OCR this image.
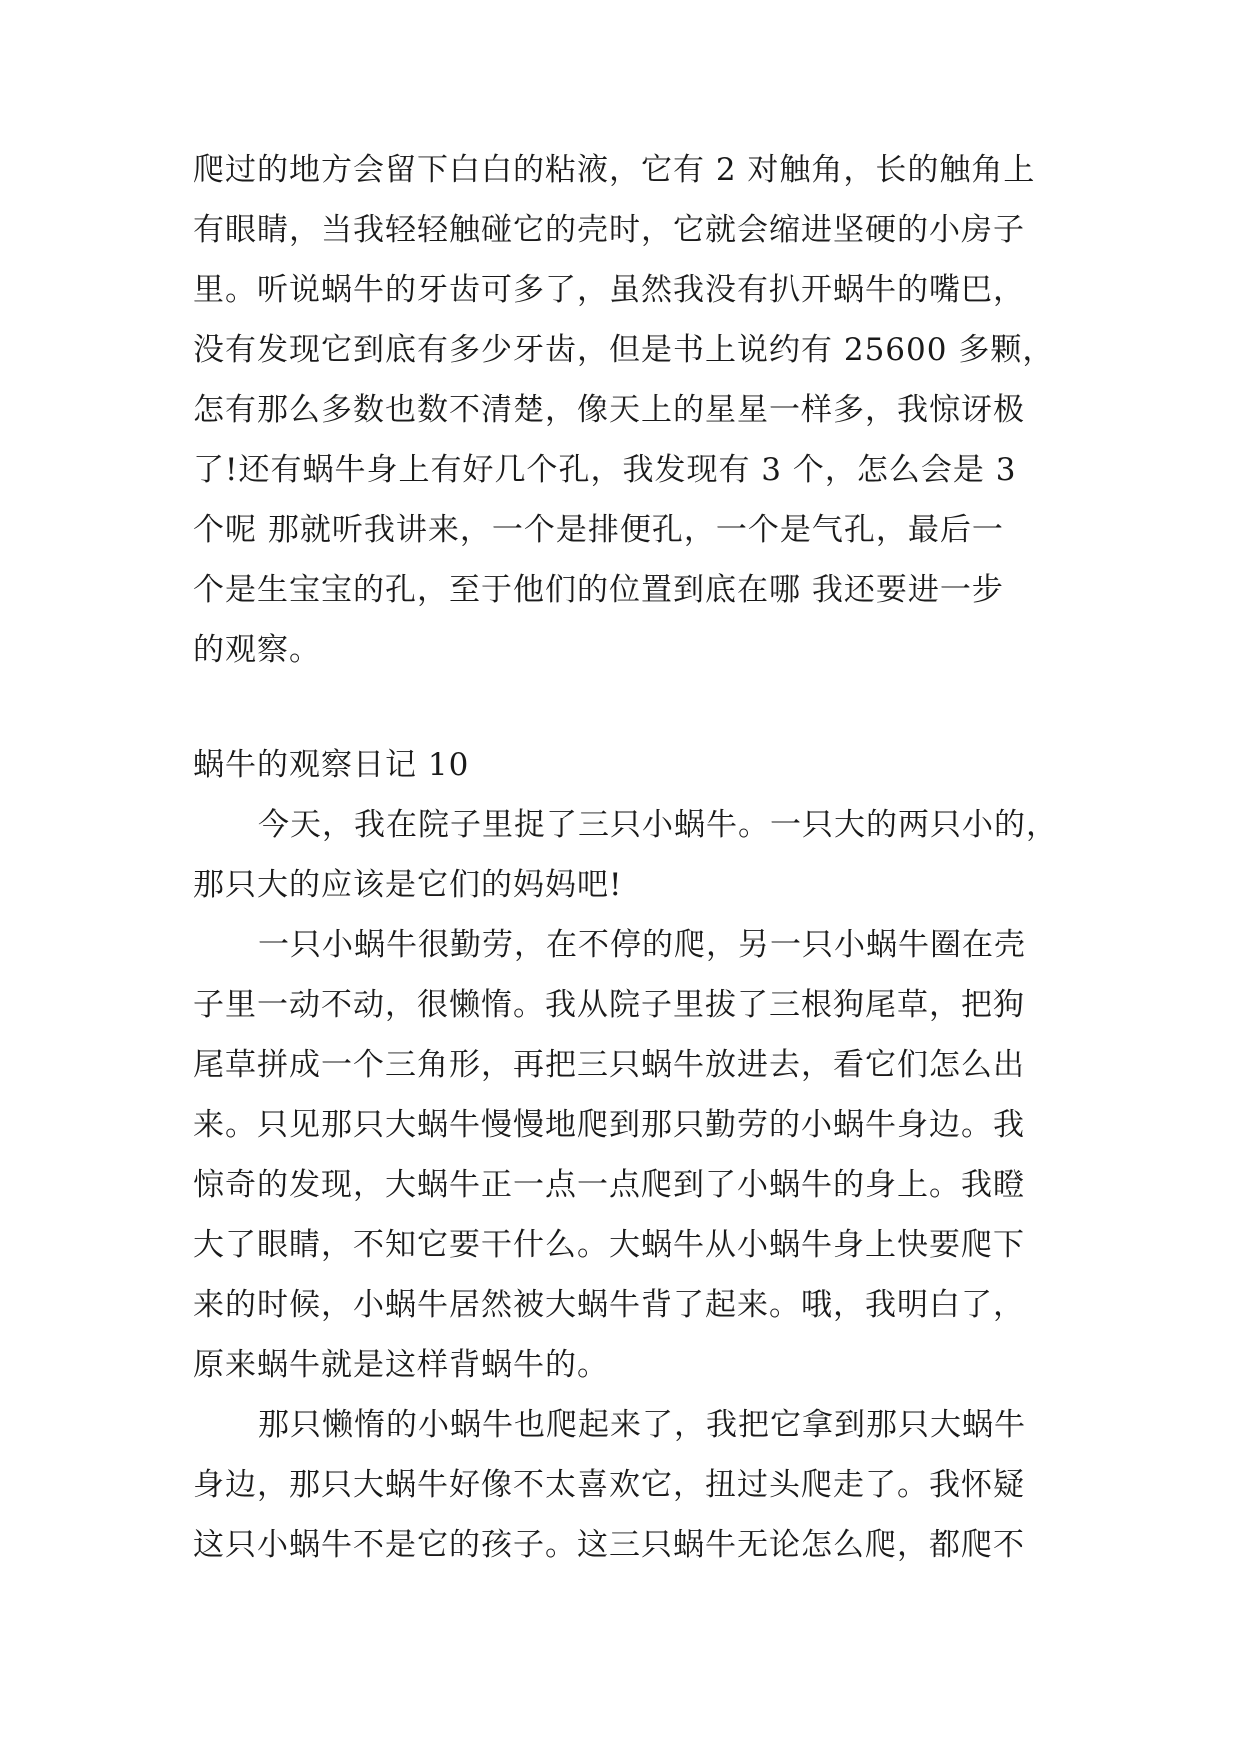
爬过的地方会留下白白的粘液，它有 2 对触角，长的触角上
有眼睛，当我轻轻触碰它的壳时，它就会缩进坚硬的小房子
里。听说蜗牛的牙齿可多了，虽然我没有扒开蜗牛的嘴巴，
没有发现它到底有多少牙齿，但是书上说约有 25600 多颗，
怎有那么多数也数不清楚，像天上的星星一样多，我惊讶极
了!还有蜗牛身上有好几个孔，我发现有 3 个，怎么会是 3
个呢 那就听我讲来，一个是排便孔，一个是气孔，最后一
个是生宝宝的孔，至于他们的位置到底在哪 我还要进一步
的观察。
蜗牛的观察日记 10
今天，我在院子里捉了三只小蜗牛。一只大的两只小的，
那只大的应该是它们的妈妈吧!
一只小蜗牛很勤劳，在不停的爬，另一只小蜗牛圈在壳
子里一动不动，很懒惰。我从院子里拔了三根狗尾草，把狗
尾草拼成一个三角形，再把三只蜗牛放进去，看它们怎么出
来。只见那只大蜗牛慢慢地爬到那只勤劳的小蜗牛身边。我
惊奇的发现，大蜗牛正一点一点爬到了小蜗牛的身上。我瞪
大了眼睛，不知它要干什么。大蜗牛从小蜗牛身上快要爬下
来的时候，小蜗牛居然被大蜗牛背了起来。哦，我明白了，
原来蜗牛就是这样背蜗牛的。
那只懒惰的小蜗牛也爬起来了，我把它拿到那只大蜗牛
身边，那只大蜗牛好像不太喜欢它，扭过头爬走了。我怀疑
这只小蜗牛不是它的孩子。这三只蜗牛无论怎么爬，都爬不
